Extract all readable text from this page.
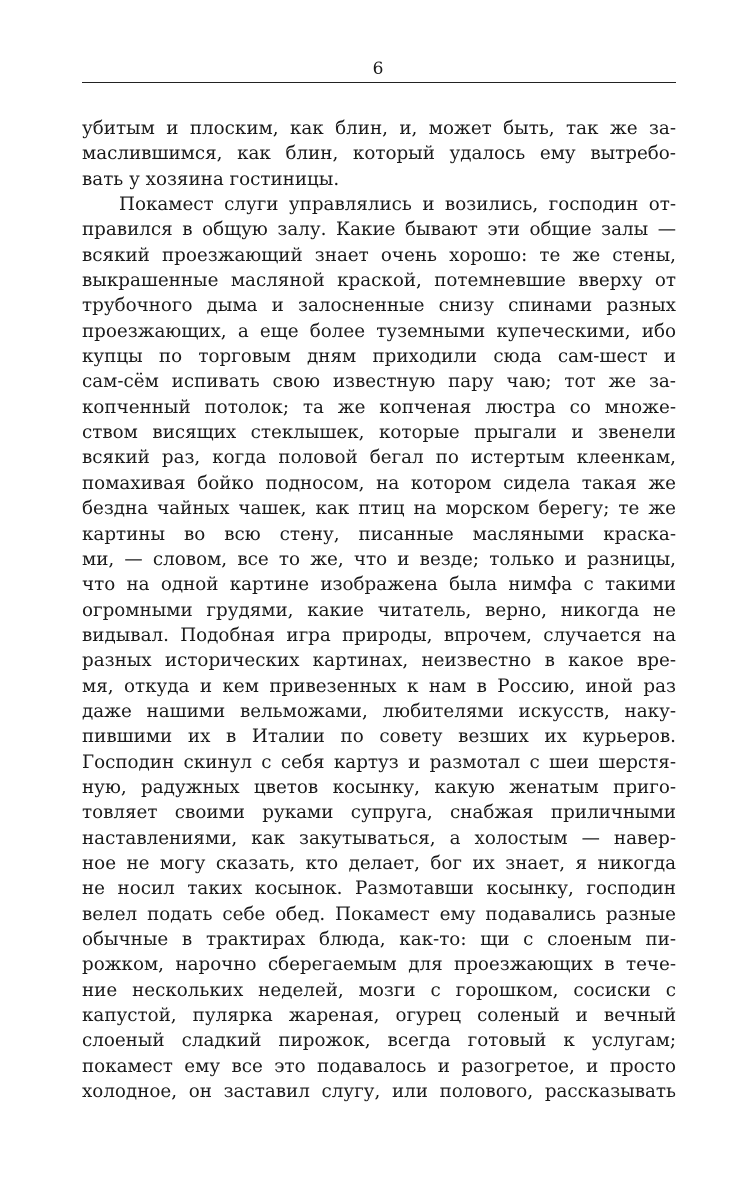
6
убитым и плоским, как блин, и, может быть, так же за-
маслившимся, как блин, который удалось ему вытребо-
вать у хозяина гостиницы.
Покамест слуги управлялись и возились, господин от-
правился в общую залу. Какие бывают эти общие залы —
всякий проезжающий знает очень хорошо: те же стены,
выкрашенные масляной краской, потемневшие вверху от
трубочного дыма и залосненные снизу спинами разных
проезжающих, а еще более туземными купеческими, ибо
купцы по торговым дням приходили сюда сам-шест и
сам-сём испивать свою известную пару чаю; тот же за-
копченный потолок; та же копченая люстра со множе-
ством висящих стеклышек, которые прыгали и звенели
всякий раз, когда половой бегал по истертым клеенкам,
помахивая бойко подносом, на котором сидела такая же
бездна чайных чашек, как птиц на морском берегу; те же
картины во всю стену, писанные масляными краска-
ми, — словом, все то же, что и везде; только и разницы,
что на одной картине изображена была нимфа с такими
огромными грудями, какие читатель, верно, никогда не
видывал. Подобная игра природы, впрочем, случается на
разных исторических картинах, неизвестно в какое вре-
мя, откуда и кем привезенных к нам в Россию, иной раз
даже нашими вельможами, любителями искусств, наку-
пившими их в Италии по совету везших их курьеров.
Господин скинул с себя картуз и размотал с шеи шерстя-
ную, радужных цветов косынку, какую женатым приго-
товляет своими руками супруга, снабжая приличными
наставлениями, как закутываться, а холостым — навер-
ное не могу сказать, кто делает, бог их знает, я никогда
не носил таких косынок. Размотавши косынку, господин
велел подать себе обед. Покамест ему подавались разные
обычные в трактирах блюда, как-то: щи с слоеным пи-
рожком, нарочно сберегаемым для проезжающих в тече-
ние нескольких неделей, мозги с горошком, сосиски с
капустой, пулярка жареная, огурец соленый и вечный
слоеный сладкий пирожок, всегда готовый к услугам;
покамест ему все это подавалось и разогретое, и просто
холодное, он заставил слугу, или полового, рассказывать
